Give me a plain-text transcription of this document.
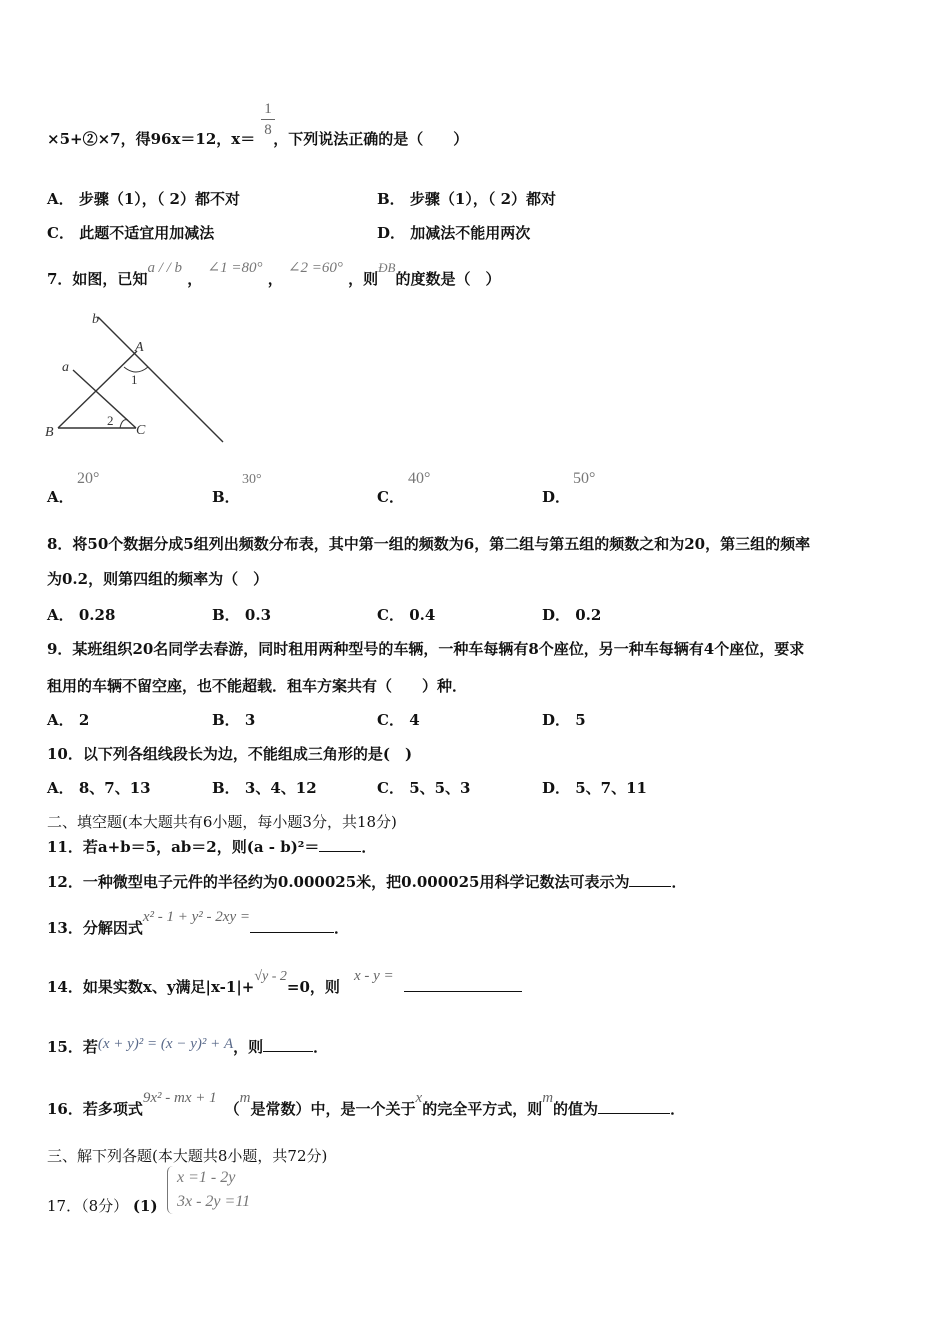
1
8
×5+②×7，得96x＝12，x＝ ，下列说法正确的是（　　）
A． 步骤（1），（ 2）都不对	B． 步骤（1），（ 2）都对
C． 此题不适宜用加减法	D． 加减法不能用两次
7．如图，已知a / / b ， ∠1 =80° ， ∠2 =60° ，则ÐB的度数是（　）
b
a
A
1
B
2
C
A．
20°
B．
30°
C．
40°
D．
50°
8．将50个数据分成5组列出频数分布表，其中第一组的频数为6，第二组与第五组的频数之和为20，第三组的频率
为0.2，则第四组的频率为（　）
A． 0.28	B． 0.3	C． 0.4	D． 0.2
9．某班组织20名同学去春游，同时租用两种型号的车辆，一种车每辆有8个座位，另一种车每辆有4个座位，要求
租用的车辆不留空座，也不能超载．租车方案共有（　　）种．
A． 2	B． 3	C． 4	D． 5
10．以下列各组线段长为边，不能组成三角形的是(　)
A． 8、7、13	B． 3、4、12	C． 5、5、3	D． 5、7、11
二、填空题(本大题共有6小题，每小题3分，共18分)
11．若a+b＝5，ab＝2，则(a - b)²＝	．
12．一种微型电子元件的半径约为0.000025米，把0.000025用科学记数法可表示为	．
13．分解因式x² - 1 + y² - 2xy =．
14．如果实数x、y满足|x-1|+√y - 2=0，则x - y =
15．若(x + y)² = (x − y)² + A，则	．
16．若多项式9x² - mx + 1（m是常数）中，是一个关于x的完全平方式，则m的值为	．
三、解下列各题(本大题共8小题，共72分)
17．（8分） (1)
x =1 - 2y
3x - 2y =11
